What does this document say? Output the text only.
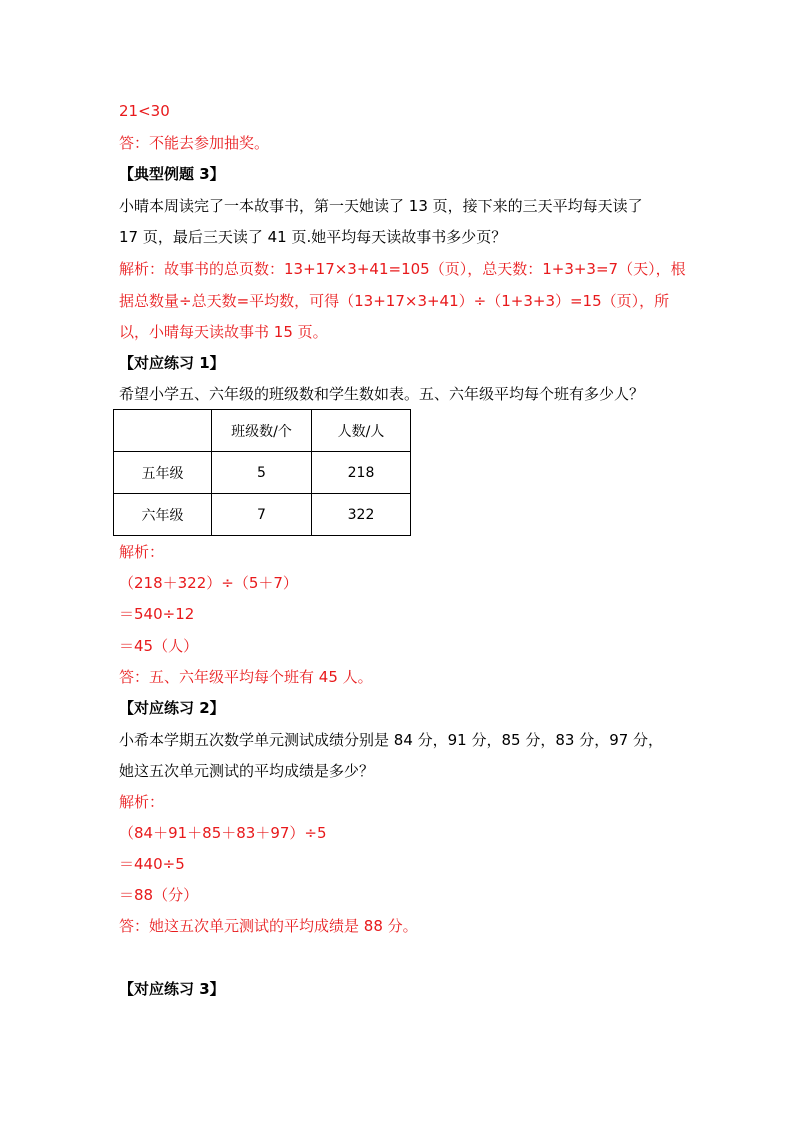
21<30
答：不能去参加抽奖。
【典型例题 3】
小晴本周读完了一本故事书，第一天她读了 13 页，接下来的三天平均每天读了
17 页，最后三天读了 41 页.她平均每天读故事书多少页？
解析：故事书的总页数：13+17×3+41=105（页），总天数：1+3+3=7（天），根
据总数量÷总天数=平均数，可得（13+17×3+41）÷（1+3+3）=15（页），所
以，小晴每天读故事书 15 页。
【对应练习 1】
希望小学五、六年级的班级数和学生数如表。五、六年级平均每个班有多少人？
	班级数/个	人数/人
五年级	5	218
六年级	7	322
解析：
（218＋322）÷（5＋7）
＝540÷12
＝45（人）
答：五、六年级平均每个班有 45 人。
【对应练习 2】
小希本学期五次数学单元测试成绩分别是 84 分，91 分，85 分，83 分，97 分，
她这五次单元测试的平均成绩是多少？
解析：
（84＋91＋85＋83＋97）÷5
＝440÷5
＝88（分）
答：她这五次单元测试的平均成绩是 88 分。
【对应练习 3】
